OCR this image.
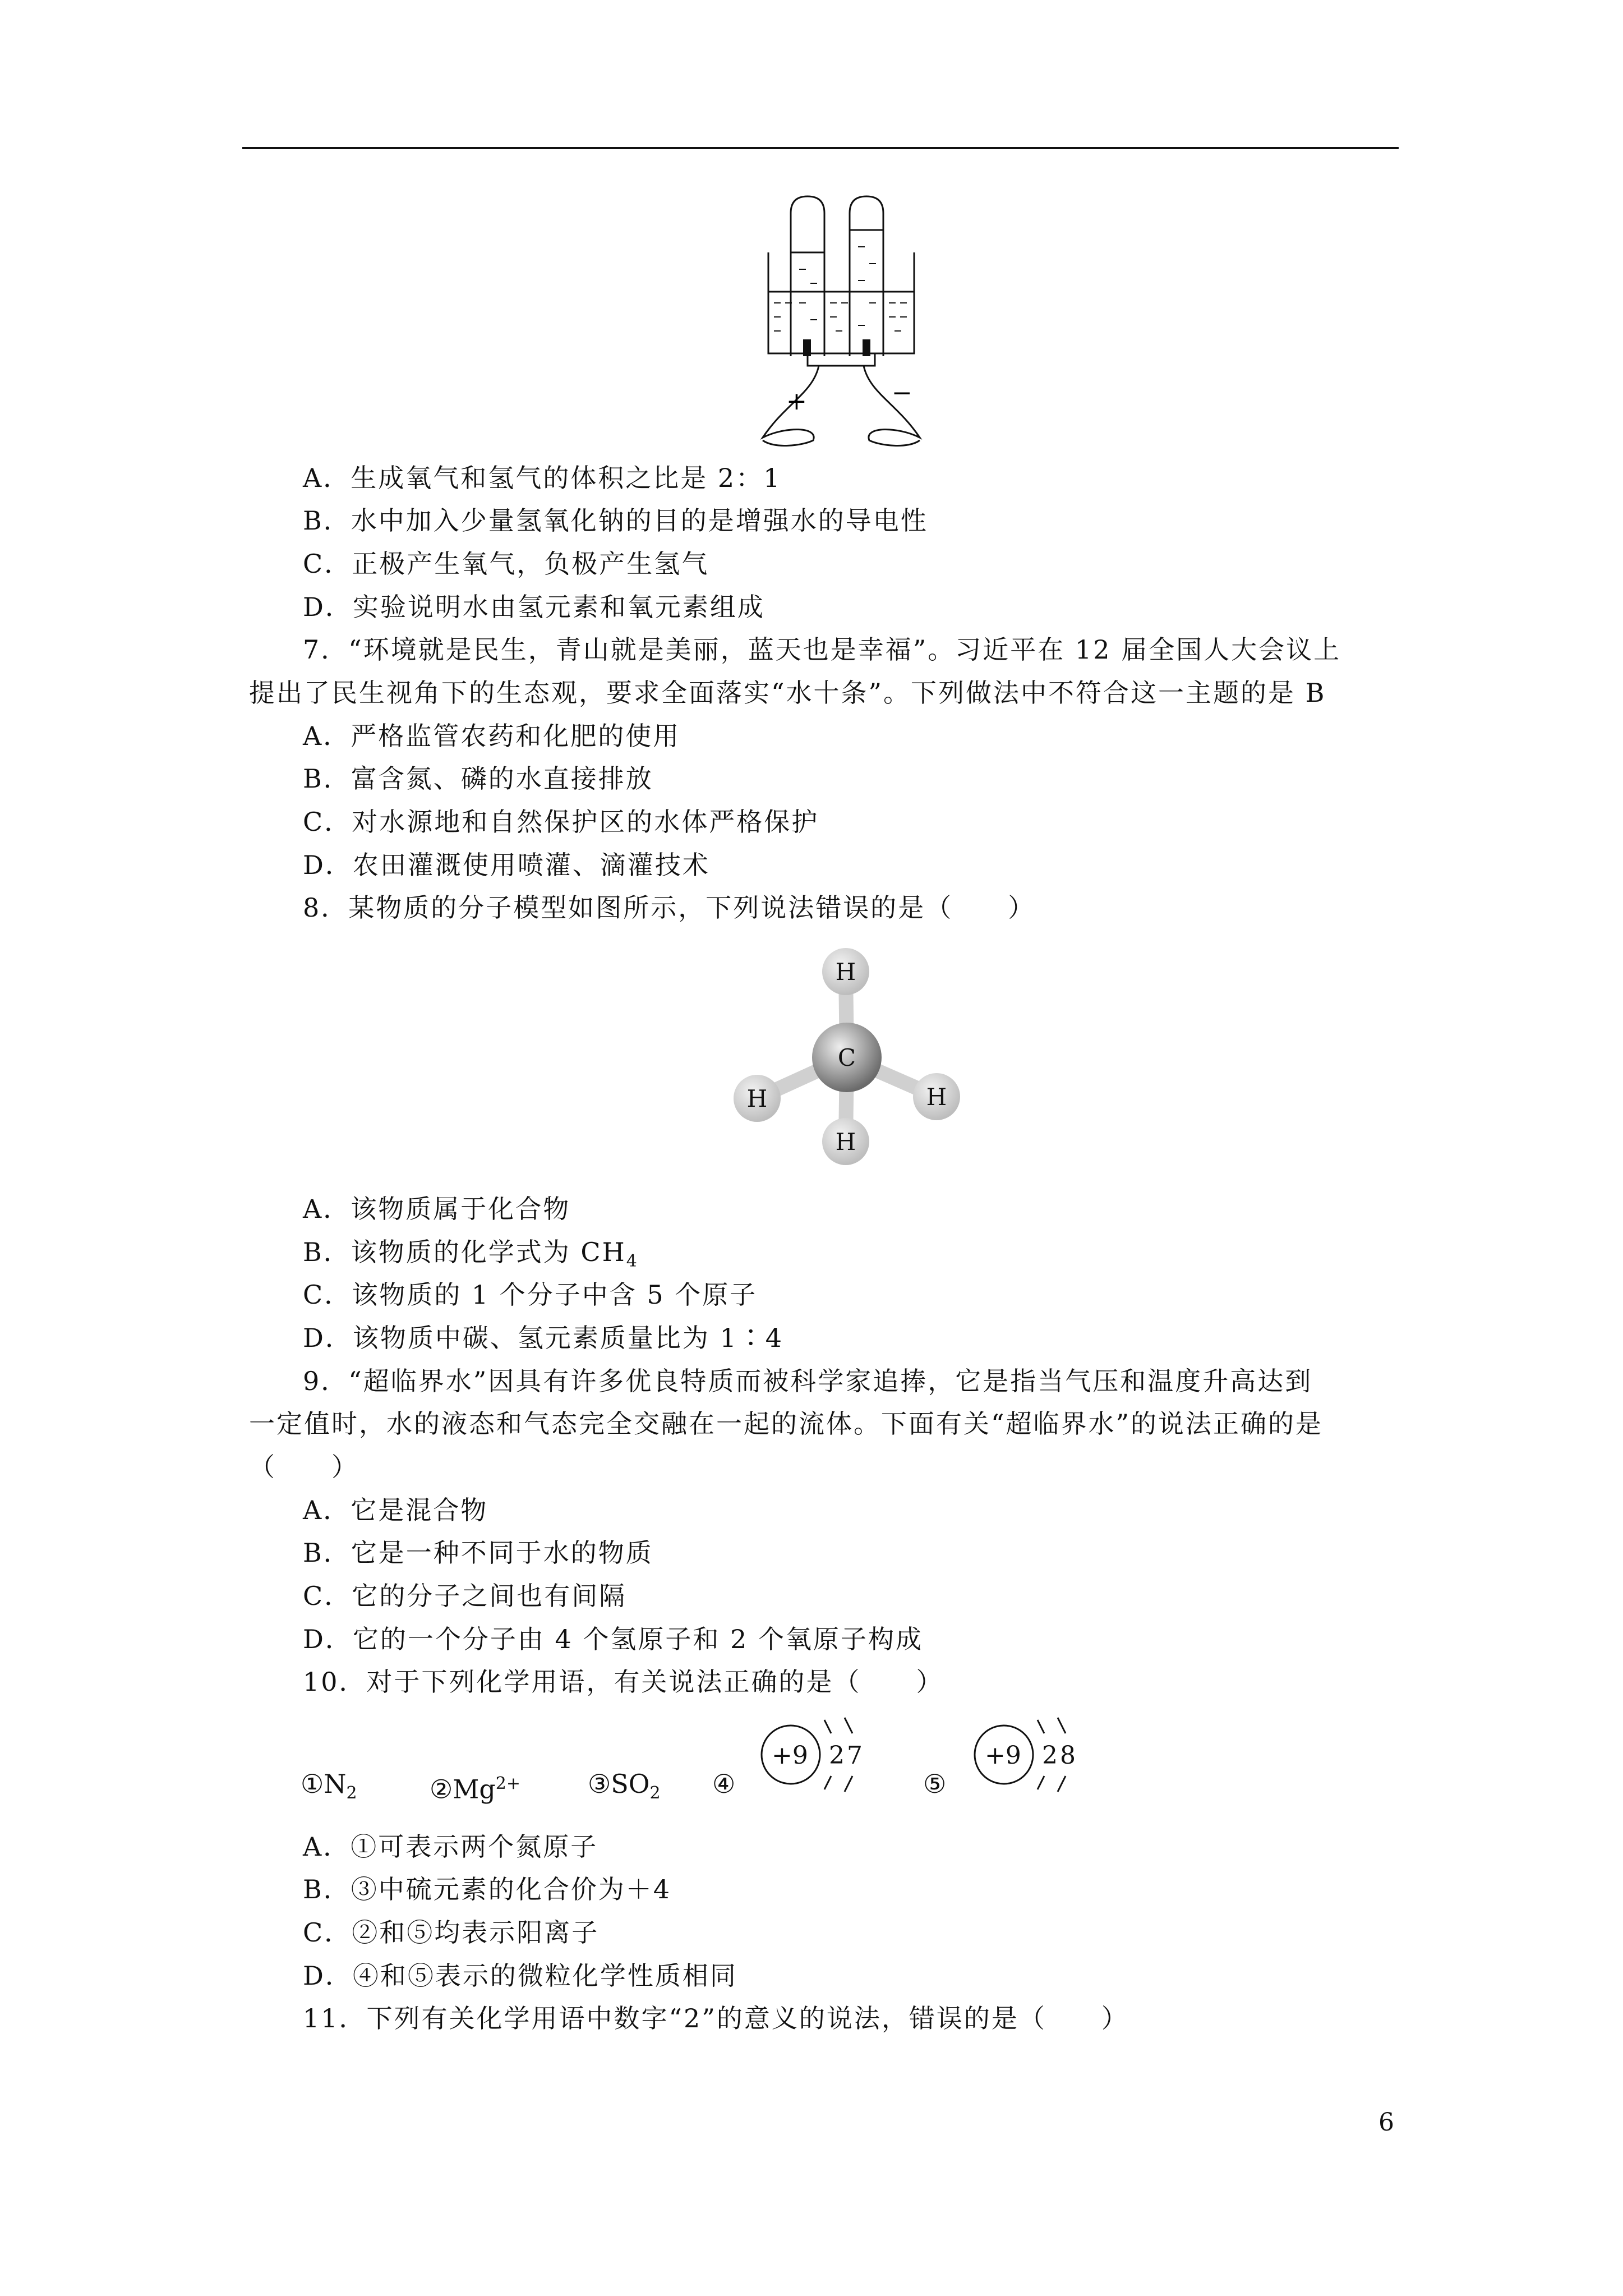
+	−
A．生成氧气和氢气的体积之比是 2：1
B．水中加入少量氢氧化钠的目的是增强水的导电性
C．正极产生氧气，负极产生氢气
D．实验说明水由氢元素和氧元素组成
7．“环境就是民生，青山就是美丽，蓝天也是幸福”。习近平在 12 届全国人大会议上
提出了民生视角下的生态观，要求全面落实“水十条”。下列做法中不符合这一主题的是 B
A．严格监管农药和化肥的使用
B．富含氮、磷的水直接排放
C．对水源地和自然保护区的水体严格保护
D．农田灌溉使用喷灌、滴灌技术
8．某物质的分子模型如图所示，下列说法错误的是（　　）
H
H	H
H
C
A．该物质属于化合物
B．该物质的化学式为 $CH_4$
C．该物质的 1 个分子中含 5 个原子
D．该物质中碳、氢元素质量比为 1∶4
9．“超临界水”因具有许多优良特质而被科学家追捧，它是指当气压和温度升高达到
一定值时，水的液态和气态完全交融在一起的流体。下面有关“超临界水”的说法正确的是
（　　）
A．它是混合物
B．它是一种不同于水的物质
C．它的分子之间也有间隔
D．它的一个分子由 4 个氢原子和 2 个氧原子构成
10．对于下列化学用语，有关说法正确的是（　　）
$①N_2$	$②Mg^{2+}$	$③SO_2$ ④	⑤
+9 2 7	+9 2 8
A．①可表示两个氮原子
B．③中硫元素的化合价为＋4
C．②和⑤均表示阳离子
D．④和⑤表示的微粒化学性质相同
11．下列有关化学用语中数字“2”的意义的说法，错误的是（　　）
6
